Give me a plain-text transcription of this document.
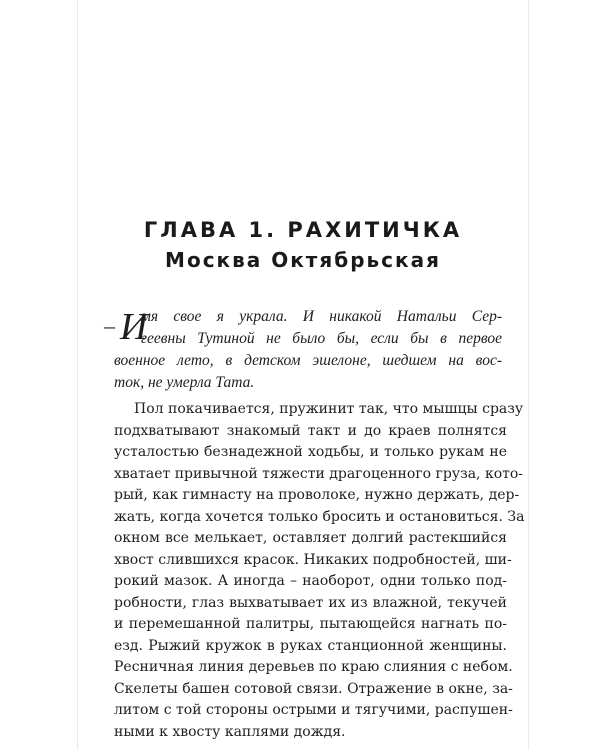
ГЛАВА 1. РАХИТИЧКА
Москва Октябрьская
– И
мя свое я украла. И никакой Натальи Сер-
геевны Тутиной не было бы, если бы в первое
военное лето, в детском эшелоне, шедшем на вос-
ток, не умерла Тата.
Пол покачивается, пружинит так, что мышцы сразу
подхватывают знакомый такт и до краев полнятся
усталостью безнадежной ходьбы, и только рукам не
хватает привычной тяжести драгоценного груза, кото-
рый, как гимнасту на проволоке, нужно держать, дер-
жать, когда хочется только бросить и остановиться. За
окном все мелькает, оставляет долгий растекшийся
хвост слившихся красок. Никаких подробностей, ши-
рокий мазок. А иногда – наоборот, одни только под-
робности, глаз выхватывает их из влажной, текучей
и перемешанной палитры, пытающейся нагнать по-
езд. Рыжий кружок в руках станционной женщины.
Ресничная линия деревьев по краю слияния с небом.
Скелеты башен сотовой связи. Отражение в окне, за-
литом с той стороны острыми и тягучими, распушен-
ными к хвосту каплями дождя.
